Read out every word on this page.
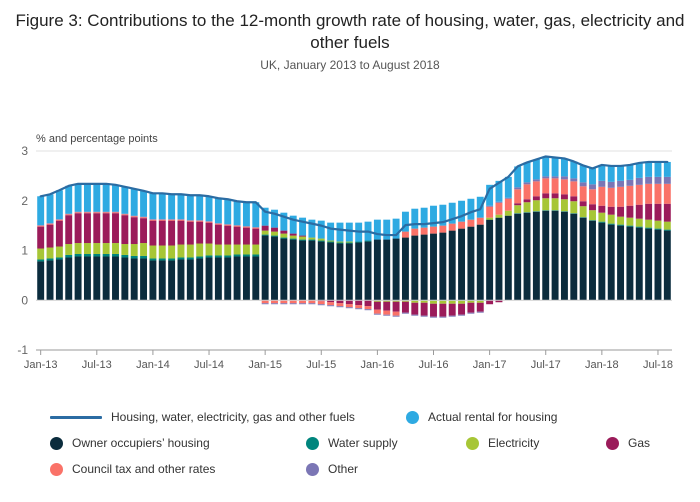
Figure 3: Contributions to the 12-month growth rate of housing, water, gas, electricity and other fuels
UK, January 2013 to August 2018
% and percentage points
-1
0
1
2
3
Jan-13 Jul-13 Jan-14 Jul-14 Jan-15 Jul-15 Jan-16 Jul-16 Jan-17 Jul-17 Jan-18 Jul-18
Housing, water, electricity, gas and other fuels	Actual rental for housing
Owner occupiers’ housing	Water supply	Electricity	Gas
Council tax and other rates	Other
